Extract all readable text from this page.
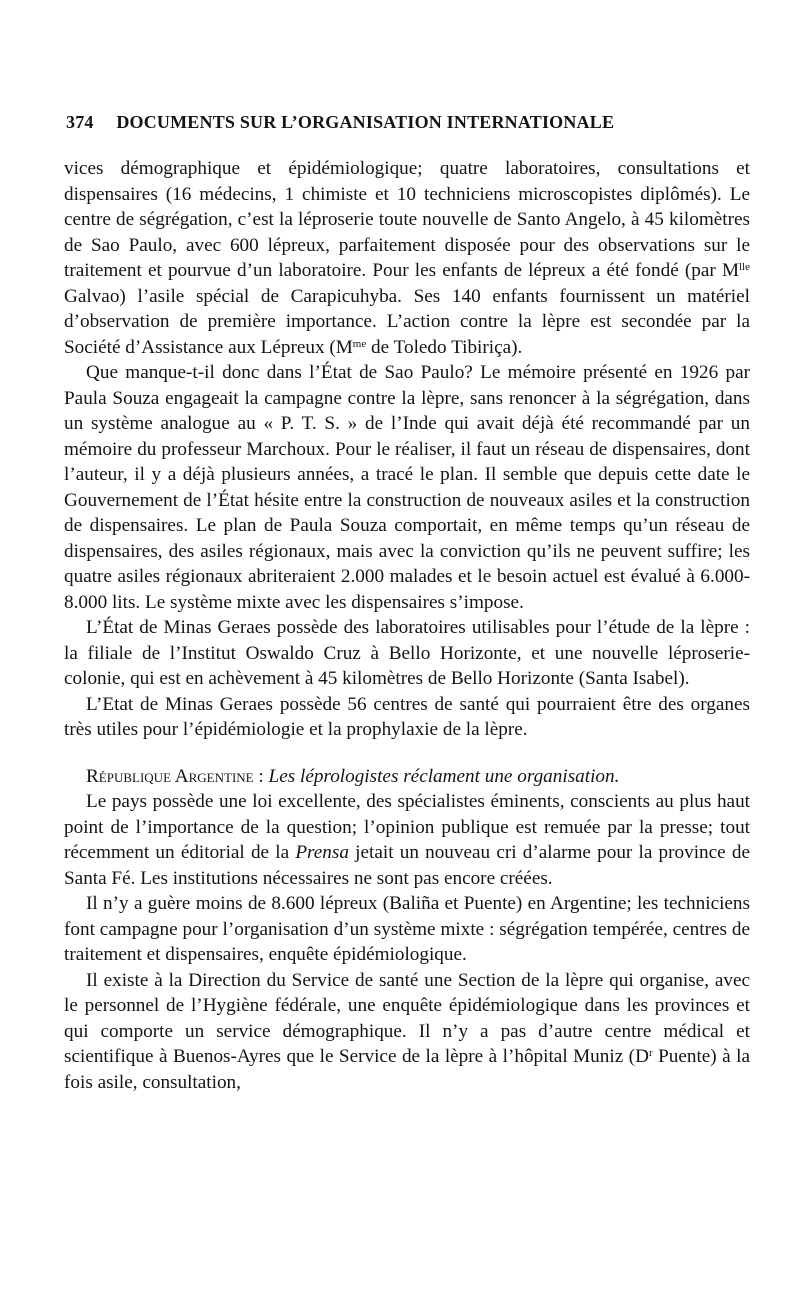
374 DOCUMENTS SUR L’ORGANISATION INTERNATIONALE

vices démographique et épidémiologique; quatre laboratoires, consultations et dispensaires (16 médecins, 1 chimiste et 10 techniciens microscopistes diplômés). Le centre de ségrégation, c’est la léproserie toute nouvelle de Santo Angelo, à 45 kilomètres de Sao Paulo, avec 600 lépreux, parfaitement disposée pour des observations sur le traitement et pourvue d’un laboratoire. Pour les enfants de lépreux a été fondé (par $M^{lle}$ Galvao) l’asile spécial de Carapicuhyba. Ses 140 enfants fournissent un matériel d’observation de première importance. L’action contre la lèpre est secondée par la Société d’Assistance aux Lépreux ($M^{me}$ de Toledo Tibiriça).

Que manque-t-il donc dans l’État de Sao Paulo? Le mémoire présenté en 1926 par Paula Souza engageait la campagne contre la lèpre, sans renoncer à la ségrégation, dans un système analogue au « P. T. S. » de l’Inde qui avait déjà été recommandé par un mémoire du professeur Marchoux. Pour le réaliser, il faut un réseau de dispensaires, dont l’auteur, il y a déjà plusieurs années, a tracé le plan. Il semble que depuis cette date le Gouvernement de l’État hésite entre la construction de nouveaux asiles et la construction de dispensaires. Le plan de Paula Souza comportait, en même temps qu’un réseau de dispensaires, des asiles régionaux, mais avec la conviction qu’ils ne peuvent suffire; les quatre asiles régionaux abriteraient 2.000 malades et le besoin actuel est évalué à 6.000-8.000 lits. Le système mixte avec les dispensaires s’impose.

L’État de Minas Geraes possède des laboratoires utilisables pour l’étude de la lèpre : la filiale de l’Institut Oswaldo Cruz à Bello Horizonte, et une nouvelle léproserie-colonie, qui est en achèvement à 45 kilomètres de Bello Horizonte (Santa Isabel).

L’Etat de Minas Geraes possède 56 centres de santé qui pourraient être des organes très utiles pour l’épidémiologie et la prophylaxie de la lèpre.

République Argentine : Les léprologistes réclament une organisation.

Le pays possède une loi excellente, des spécialistes éminents, conscients au plus haut point de l’importance de la question; l’opinion publique est remuée par la presse; tout récemment un éditorial de la Prensa jetait un nouveau cri d’alarme pour la province de Santa Fé. Les institutions nécessaires ne sont pas encore créées.

Il n’y a guère moins de 8.600 lépreux (Baliña et Puente) en Argentine; les techniciens font campagne pour l’organisation d’un système mixte : ségrégation tempérée, centres de traitement et dispensaires, enquête épidémiologique.

Il existe à la Direction du Service de santé une Section de la lèpre qui organise, avec le personnel de l’Hygiène fédérale, une enquête épidémiologique dans les provinces et qui comporte un service démographique. Il n’y a pas d’autre centre médical et scientifique à Buenos-Ayres que le Service de la lèpre à l’hôpital Muniz ($D^r$ Puente) à la fois asile, consultation,
